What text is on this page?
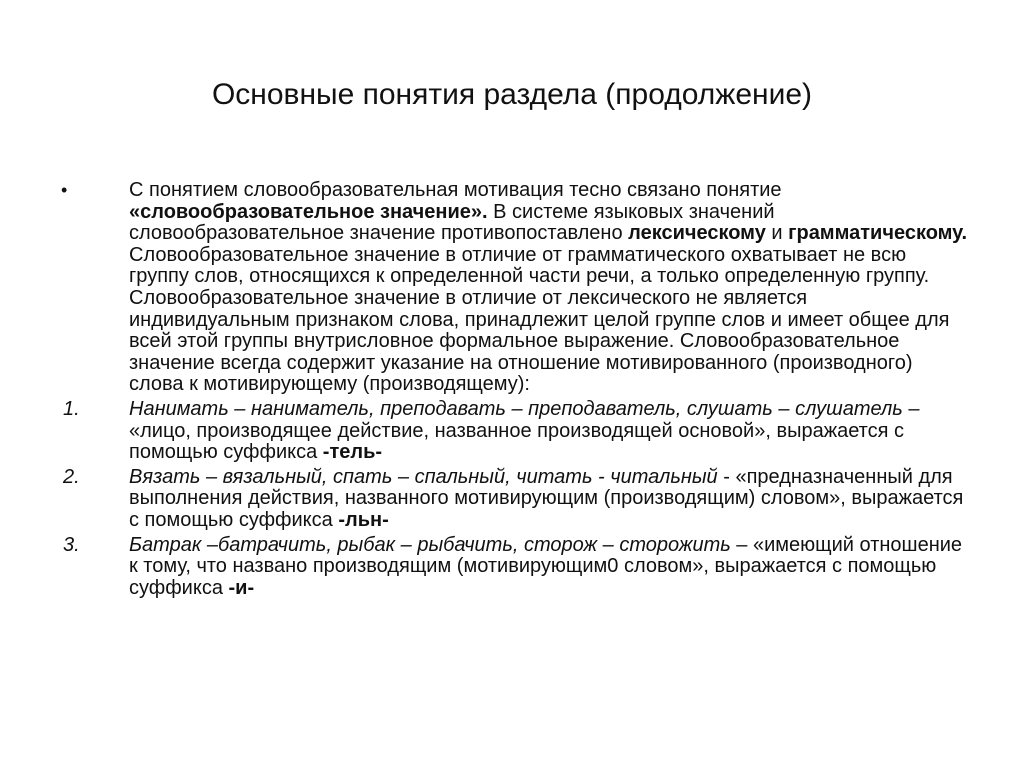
Основные понятия раздела (продолжение)
•	С понятием словообразовательная мотивация тесно связано понятие «словообразовательное значение». В системе языковых значений словообразовательное значение противопоставлено лексическому и грамматическому. Словообразовательное значение в отличие от грамматического охватывает не всю группу слов, относящихся к определенной части речи, а только определенную группу. Словообразовательное значение в отличие от лексического не является индивидуальным признаком слова, принадлежит целой группе слов и имеет общее для всей этой группы внутрисловное формальное выражение. Словообразовательное значение всегда содержит указание на отношение мотивированного (производного) слова к мотивирующему (производящему):
1.	Нанимать – наниматель, преподавать – преподаватель, слушать – слушатель – «лицо, производящее действие, названное производящей основой», выражается с помощью суффикса -тель-
2.	Вязать – вязальный, спать – спальный, читать - читальный - «предназначенный для выполнения действия, названного мотивирующим (производящим) словом», выражается с помощью суффикса -льн-
3.	Батрак –батрачить, рыбак – рыбачить, сторож – сторожить – «имеющий отношение к тому, что названо производящим (мотивирующим0 словом», выражается с помощью суффикса -и-
